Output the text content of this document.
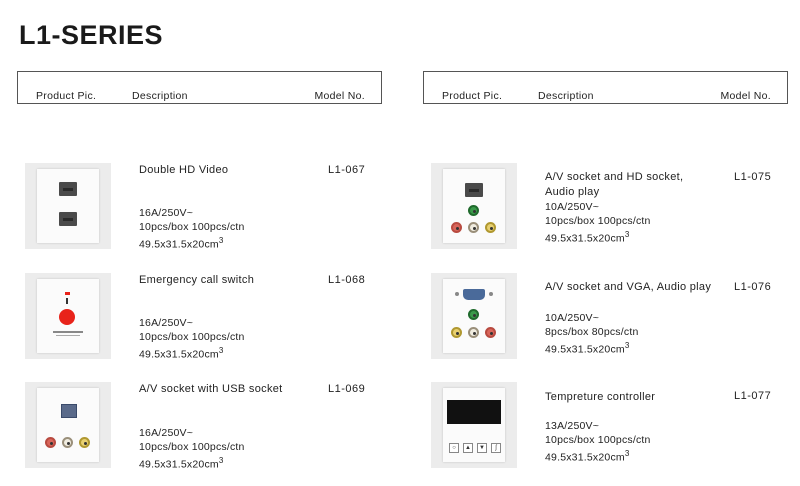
L1-SERIES
Product Pic.	Description	Model No.	Product Pic.	Description	Model No.
Double HD Video	L1-067
16A/250V~
10pcs/box 100pcs/ctn
$49.5x31.5x20cm^3$
Emergency call switch	L1-068
16A/250V~
10pcs/box 100pcs/ctn
$49.5x31.5x20cm^3$
A/V socket with USB socket	L1-069
16A/250V~
10pcs/box 100pcs/ctn
$49.5x31.5x20cm^3$
A/V socket and HD socket,
Audio play
L1-075
10A/250V~
10pcs/box 100pcs/ctn
$49.5x31.5x20cm^3$
A/V socket and VGA, Audio play L1-076
10A/250V~
8pcs/box 80pcs/ctn
$49.5x31.5x20cm^3$
○	▲	▼	ʃ
Tempreture controller	L1-077
13A/250V~
10pcs/box 100pcs/ctn
$49.5x31.5x20cm^3$
